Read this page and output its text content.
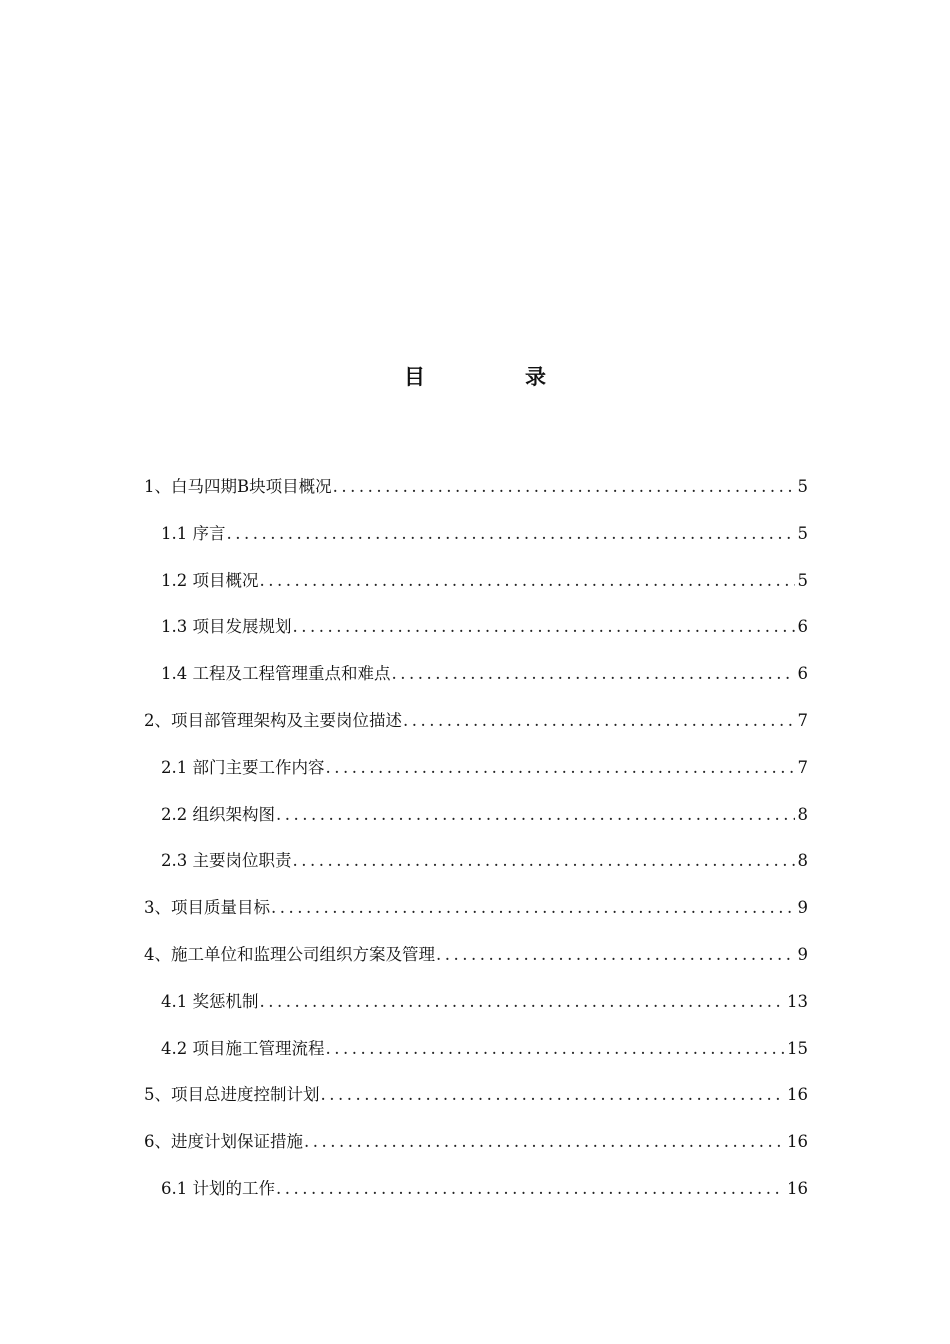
目	录
1、白马四期B块项目概况 .....	5
1.1 序言 .....	5
1.2 项目概况 .....	5
1.3 项目发展规划 .....	6
1.4 工程及工程管理重点和难点 .....	6
2、项目部管理架构及主要岗位描述 .....	7
2.1 部门主要工作内容 .....	7
2.2 组织架构图 .....	8
2.3 主要岗位职责 .....	8
3、项目质量目标 .....	9
4、施工单位和监理公司组织方案及管理 .....	9
4.1 奖惩机制 .....	13
4.2 项目施工管理流程 .....	15
5、项目总进度控制计划 .....	16
6、进度计划保证措施 .....	16
6.1 计划的工作 .....	16
